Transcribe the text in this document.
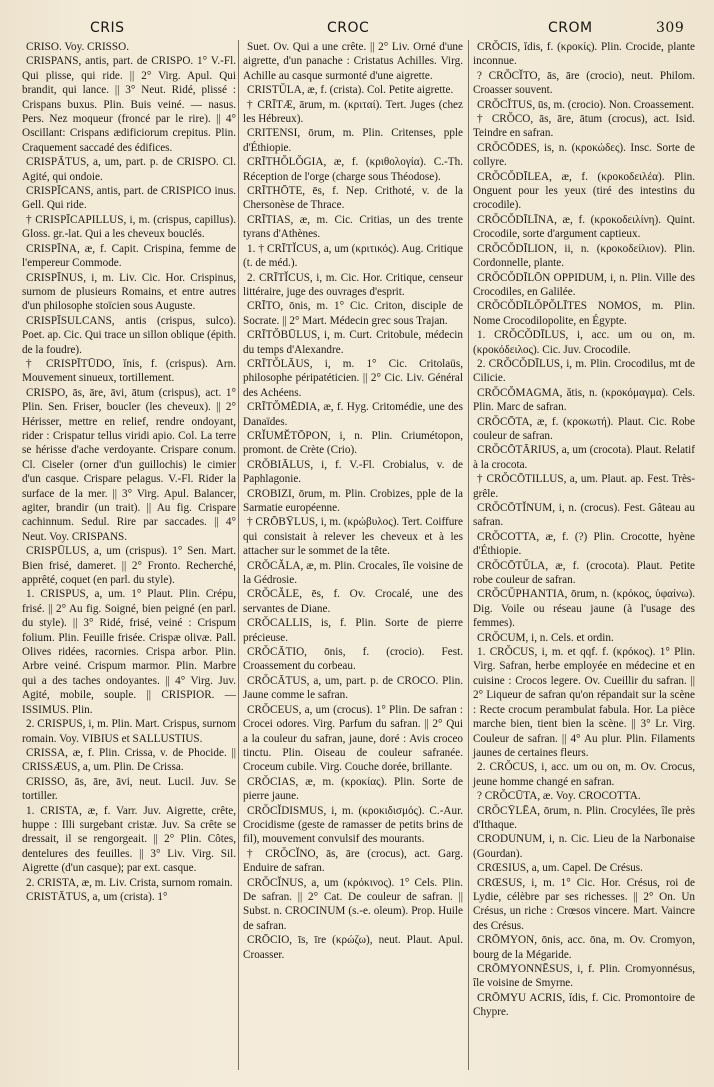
CRIS	CROC	CROM	309

CRISO. Voy. CRISSO.

CRISPANS, antis, part. de CRISPO. 1° V.-Fl. Qui plisse, qui ride. || 2° Virg. Apul. Qui brandit, qui lance. || 3° Neut. Ridé, plissé : Crispans buxus. Plin. Buis veiné. — nasus. Pers. Nez moqueur (froncé par le rire). || 4° Oscillant: Crispans ædificiorum crepitus. Plin. Craquement saccadé des édifices.

CRISPĀTUS, a, um, part. p. de CRISPO. Cl. Agité, qui ondoie.

CRISPĪCANS, antis, part. de CRISPICO inus. Gell. Qui ride.

† CRISPĪCAPILLUS, i, m. (crispus, capillus). Gloss. gr.-lat. Qui a les cheveux bouclés.

CRISPĪNA, æ, f. Capit. Crispina, femme de l'empereur Commode.

CRISPĪNUS, i, m. Liv. Cic. Hor. Crispinus, surnom de plusieurs Romains, et entre autres d'un philosophe stoïcien sous Auguste.

CRISPĪSULCANS, antis (crispus, sulco). Poet. ap. Cic. Qui trace un sillon oblique (épith. de la foudre).

† CRISPĪTŪDO, ĭnis, f. (crispus). Arn. Mouvement sinueux, tortillement.

CRISPO, ās, āre, āvi, ātum (crispus), act. 1° Plin. Sen. Friser, boucler (les cheveux). || 2° Hérisser, mettre en relief, rendre ondoyant, rider : Crispatur tellus viridi apio. Col. La terre se hérisse d'ache verdoyante. Crispare conum. Cl. Ciseler (orner d'un guillochis) le cimier d'un casque. Crispare pelagus. V.-Fl. Rider la surface de la mer. || 3° Virg. Apul. Balancer, agiter, brandir (un trait). || Au fig. Crispare cachinnum. Sedul. Rire par saccades. || 4° Neut. Voy. CRISPANS.

CRISPŪLUS, a, um (crispus). 1° Sen. Mart. Bien frisé, dameret. || 2° Fronto. Recherché, apprêté, coquet (en parl. du style).

1. CRISPUS, a, um. 1° Plaut. Plin. Crépu, frisé. || 2° Au fig. Soigné, bien peigné (en parl. du style). || 3° Ridé, frisé, veiné : Crispum folium. Plin. Feuille frisée. Crispæ olivæ. Pall. Olives ridées, racornies. Crispa arbor. Plin. Arbre veiné. Crispum marmor. Plin. Marbre qui a des taches ondoyantes. || 4° Virg. Juv. Agité, mobile, souple. || CRISPIOR. — ISSIMUS. Plin.

2. CRISPUS, i, m. Plin. Mart. Crispus, surnom romain. Voy. VIBIUS et SALLUSTIUS.

CRISSA, æ, f. Plin. Crissa, v. de Phocide. || CRISSÆUS, a, um. Plin. De Crissa.

CRISSO, ās, āre, āvi, neut. Lucil. Juv. Se tortiller.

1. CRISTA, æ, f. Varr. Juv. Aigrette, crête, huppe : Illi surgebant cristæ. Juv. Sa crête se dressait, il se rengorgeait. || 2° Plin. Côtes, dentelures des feuilles. || 3° Liv. Virg. Sil. Aigrette (d'un casque); par ext. casque.

2. CRISTA, æ, m. Liv. Crista, surnom romain.

CRISTĀTUS, a, um (crista). 1°

Suet. Ov. Qui a une crête. || 2° Liv. Orné d'une aigrette, d'un panache : Cristatus Achilles. Virg. Achille au casque surmonté d'une aigrette.

CRISTŬLA, æ, f. (crista). Col. Petite aigrette.

† CRĪTÆ, ārum, m. (κριταί). Tert. Juges (chez les Hébreux).

CRITENSI, ōrum, m. Plin. Critenses, pple d'Éthiopie.

CRĪTHŎLŎGIA, æ, f. (κριθολογία). C.-Th. Réception de l'orge (charge sous Théodose).

CRĪTHŌTE, ēs, f. Nep. Crithoté, v. de la Chersonèse de Thrace.

CRĪTIAS, æ, m. Cic. Critias, un des trente tyrans d'Athènes.

1. † CRĪTĬCUS, a, um (κριτικός). Aug. Critique (t. de méd.).

2. CRĪTĬCUS, i, m. Cic. Hor. Critique, censeur littéraire, juge des ouvrages d'esprit.

CRĪTO, ōnis, m. 1° Cic. Criton, disciple de Socrate. || 2° Mart. Médecin grec sous Trajan.

CRĪTŎBŪLUS, i, m. Curt. Critobule, médecin du temps d'Alexandre.

CRĪTŎLĀUS, i, m. 1° Cic. Critolaüs, philosophe péripatéticien. || 2° Cic. Liv. Général des Achéens.

CRĪTŎMĒDIA, æ, f. Hyg. Critomédie, une des Danaïdes.

CRĬUMĔTŌPON, i, n. Plin. Criumétopon, promont. de Crète (Crio).

CRŎBIĀLUS, i, f. V.-Fl. Crobialus, v. de Paphlagonie.

CROBIZI, ōrum, m. Plin. Crobizes, pple de la Sarmatie européenne.

† CRŌBȲLUS, i, m. (κρώβυλος). Tert. Coiffure qui consistait à relever les cheveux et à les attacher sur le sommet de la tête.

CRŎCĂLA, æ, m. Plin. Crocales, île voisine de la Gédrosie.

CRŎCĂLE, ēs, f. Ov. Crocalé, une des servantes de Diane.

CRŎCALLIS, is, f. Plin. Sorte de pierre précieuse.

CRŎCĀTIO, ōnis, f. (crocio). Fest. Croassement du corbeau.

CRŎCĀTUS, a, um, part. p. de CROCO. Plin. Jaune comme le safran.

CRŎCEUS, a, um (crocus). 1° Plin. De safran : Crocei odores. Virg. Parfum du safran. || 2° Qui a la couleur du safran, jaune, doré : Avis croceo tinctu. Plin. Oiseau de couleur safranée. Croceum cubile. Virg. Couche dorée, brillante.

CRŎCIAS, æ, m. (κροκίας). Plin. Sorte de pierre jaune.

CRŎCĬDISMUS, i, m. (κροκιδισμός). C.-Aur. Crocidisme (geste de ramasser de petits brins de fil), mouvement convulsif des mourants.

† CRŎCĬNO, ās, āre (crocus), act. Garg. Enduire de safran.

CRŎCĬNUS, a, um (κρόκινος). 1° Cels. Plin. De safran. || 2° Cat. De couleur de safran. || Subst. n. CROCINUM (s.-e. oleum). Prop. Huile de safran.

CRŌCIO, īs, īre (κρώζω), neut. Plaut. Apul. Croasser.

CRŎCIS, ĭdis, f. (κροκίς). Plin. Crocide, plante inconnue.

? CRŎCĬTO, ās, āre (crocio), neut. Philom. Croasser souvent.

CRŎCĬTUS, ūs, m. (crocio). Non. Croassement.

† CRŎCO, ās, āre, ātum (crocus), act. Isid. Teindre en safran.

CRŎCŌDES, is, n. (κροκώδες). Insc. Sorte de collyre.

CRŎCŎDĪLEA, æ, f. (κροκοδειλέα). Plin. Onguent pour les yeux (tiré des intestins du crocodile).

CRŎCŎDĪLĪNA, æ, f. (κροκοδειλίνη). Quint. Crocodile, sorte d'argument captieux.

CRŎCŎDĪLION, ii, n. (κροκοδείλιον). Plin. Cordonnelle, plante.

CRŎCŎDĪLŌN OPPIDUM, i, n. Plin. Ville des Crocodiles, en Galilée.

CRŎCŎDĪLŎPŎLĪTES NOMOS, m. Plin. Nome Crocodilopolite, en Égypte.

1. CRŎCŎDĪLUS, i, acc. um ou on, m. (κροκόδειλος). Cic. Juv. Crocodile.

2. CRŎCŎDĪLUS, i, m. Plin. Crocodilus, mt de Cilicie.

CRŎCŎMAGMA, ătis, n. (κροκόμαγμα). Cels. Plin. Marc de safran.

CRŎCŌTA, æ, f. (κροκωτή). Plaut. Cic. Robe couleur de safran.

CRŎCŌTĀRIUS, a, um (crocota). Plaut. Relatif à la crocota.

† CRŎCŌTILLUS, a, um. Plaut. ap. Fest. Très-grêle.

CRŎCŌTĬNUM, i, n. (crocus). Fest. Gâteau au safran.

CRŎCOTTA, æ, f. (?) Plin. Crocotte, hyène d'Éthiopie.

CRŎCŌTŬLA, æ, f. (crocota). Plaut. Petite robe couleur de safran.

CRŎCŬPHANTIA, ōrum, n. (κρόκος, ὑφαίνω). Dig. Voile ou réseau jaune (à l'usage des femmes).

CRŎCUM, i, n. Cels. et ordin.

1. CRŎCUS, i, m. et qqf. f. (κρόκος). 1° Plin. Virg. Safran, herbe employée en médecine et en cuisine : Crocos legere. Ov. Cueillir du safran. || 2° Liqueur de safran qu'on répandait sur la scène : Recte crocum perambulat fabula. Hor. La pièce marche bien, tient bien la scène. || 3° Lr. Virg. Couleur de safran. || 4° Au plur. Plin. Filaments jaunes de certaines fleurs.

2. CRŎCUS, i, acc. um ou on, m. Ov. Crocus, jeune homme changé en safran.

? CRŎCŪTA, æ. Voy. CROCOTTA.

CRŎCȲLĒA, ōrum, n. Plin. Crocylées, île près d'Ithaque.

CRODUNUM, i, n. Cic. Lieu de la Narbonaise (Gourdan).

CRŒSIUS, a, um. Capel. De Crésus.

CRŒSUS, i, m. 1° Cic. Hor. Crésus, roi de Lydie, célèbre par ses richesses. || 2° On. Un Crésus, un riche : Crœsos vincere. Mart. Vaincre des Crésus.

CRŌMYON, ōnis, acc. ōna, m. Ov. Cromyon, bourg de la Mégaride.

CRŌMYONNĒSUS, i, f. Plin. Cromyonnésus, île voisine de Smyrne.

CRŌMYU ACRIS, ĭdis, f. Cic. Promontoire de Chypre.
